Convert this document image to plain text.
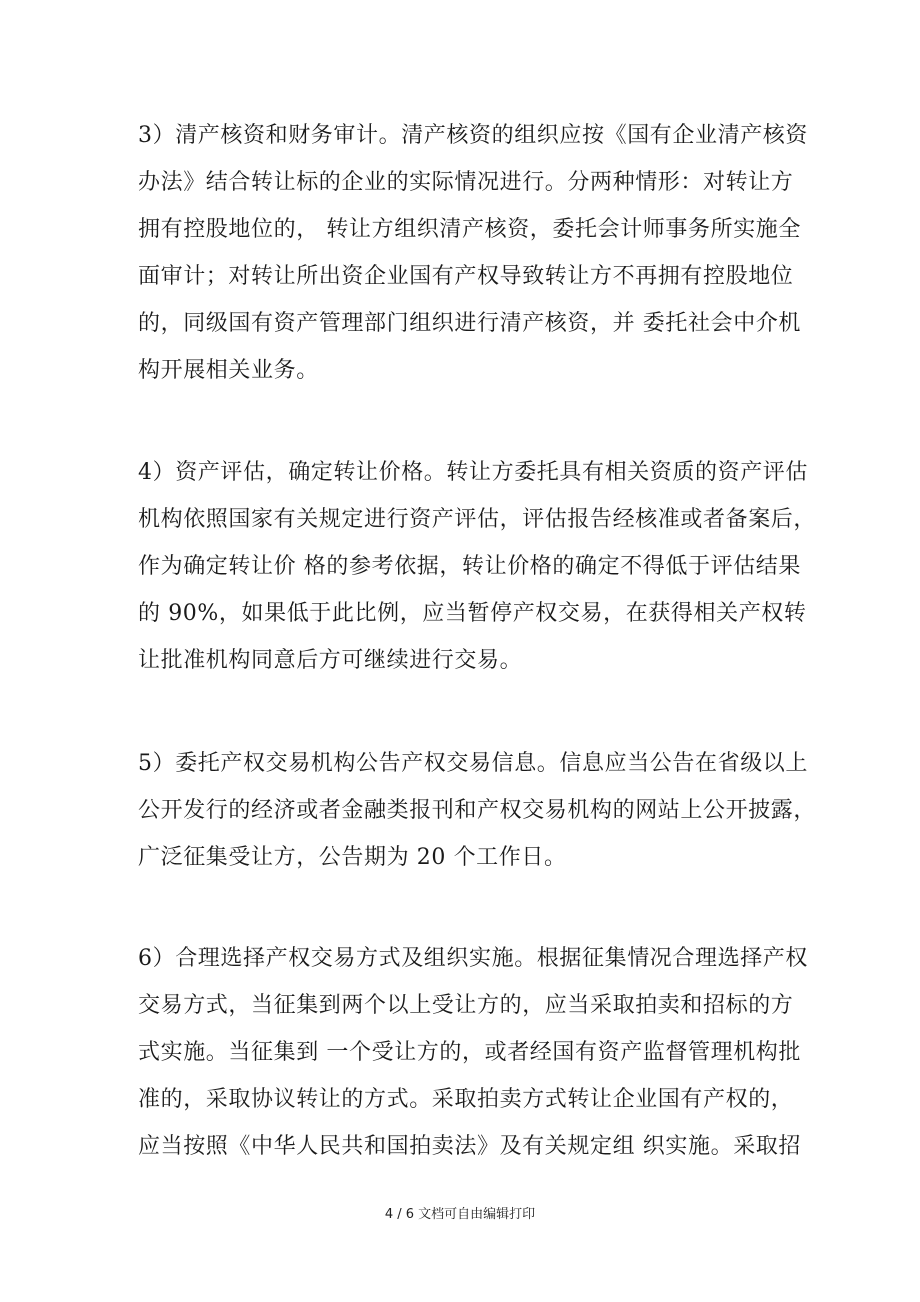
3）清产核资和财务审计。清产核资的组织应按《国有企业清产核资
办法》结合转让标的企业的实际情况进行。分两种情形：对转让方
拥有控股地位的， 转让方组织清产核资，委托会计师事务所实施全
面审计；对转让所出资企业国有产权导致转让方不再拥有控股地位
的，同级国有资产管理部门组织进行清产核资，并 委托社会中介机
构开展相关业务。
4）资产评估，确定转让价格。转让方委托具有相关资质的资产评估
机构依照国家有关规定进行资产评估，评估报告经核准或者备案后，
作为确定转让价 格的参考依据，转让价格的确定不得低于评估结果
的 90%，如果低于此比例，应当暂停产权交易，在获得相关产权转
让批准机构同意后方可继续进行交易。
5）委托产权交易机构公告产权交易信息。信息应当公告在省级以上
公开发行的经济或者金融类报刊和产权交易机构的网站上公开披露，
广泛征集受让方，公告期为 20 个工作日。
6）合理选择产权交易方式及组织实施。根据征集情况合理选择产权
交易方式，当征集到两个以上受让方的，应当采取拍卖和招标的方
式实施。当征集到 一个受让方的，或者经国有资产监督管理机构批
准的，采取协议转让的方式。采取拍卖方式转让企业国有产权的，
应当按照《中华人民共和国拍卖法》及有关规定组 织实施。采取招
4 / 6 文档可自由编辑打印
